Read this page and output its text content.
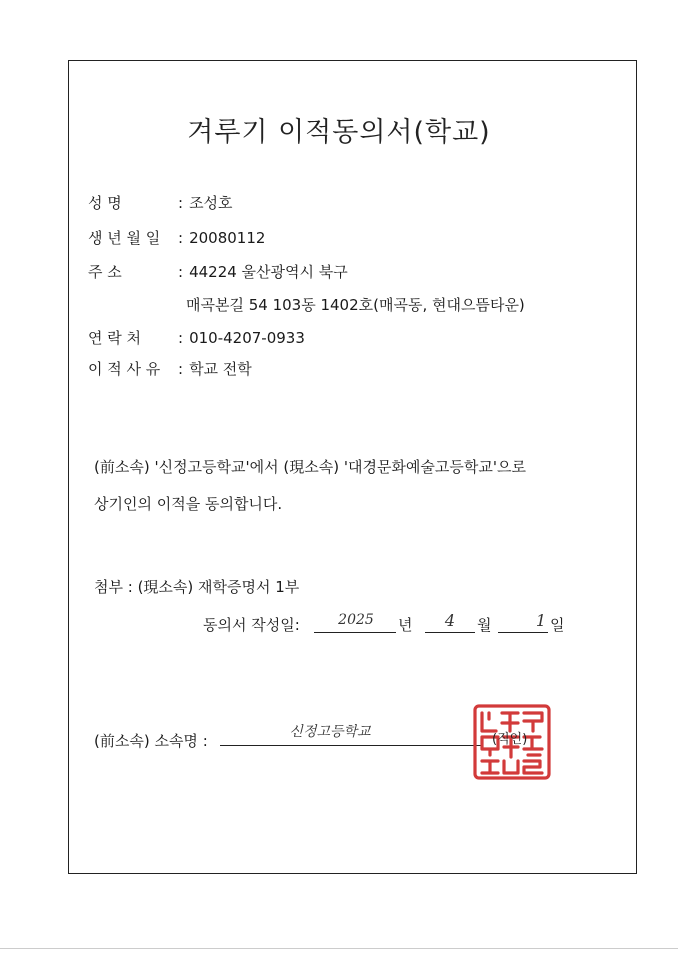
겨루기 이적동의서(학교)
성 명	: 조성호
생 년 월 일 : 20080112
주 소	: 44224 울산광역시 북구
매곡본길 54 103동 1402호(매곡동, 현대으뜸타운)
연 락 처 : 010-4207-0933
이 적 사 유 : 학교 전학
(前소속) '신정고등학교'에서 (現소속) '대경문화예술고등학교'으로
상기인의 이적을 동의합니다.
첨부 : (現소속) 재학증명서 1부
동의서 작성일:	2025	년	4	월	1 일
(前소속) 소속명 :	신정고등학교	(직인)
